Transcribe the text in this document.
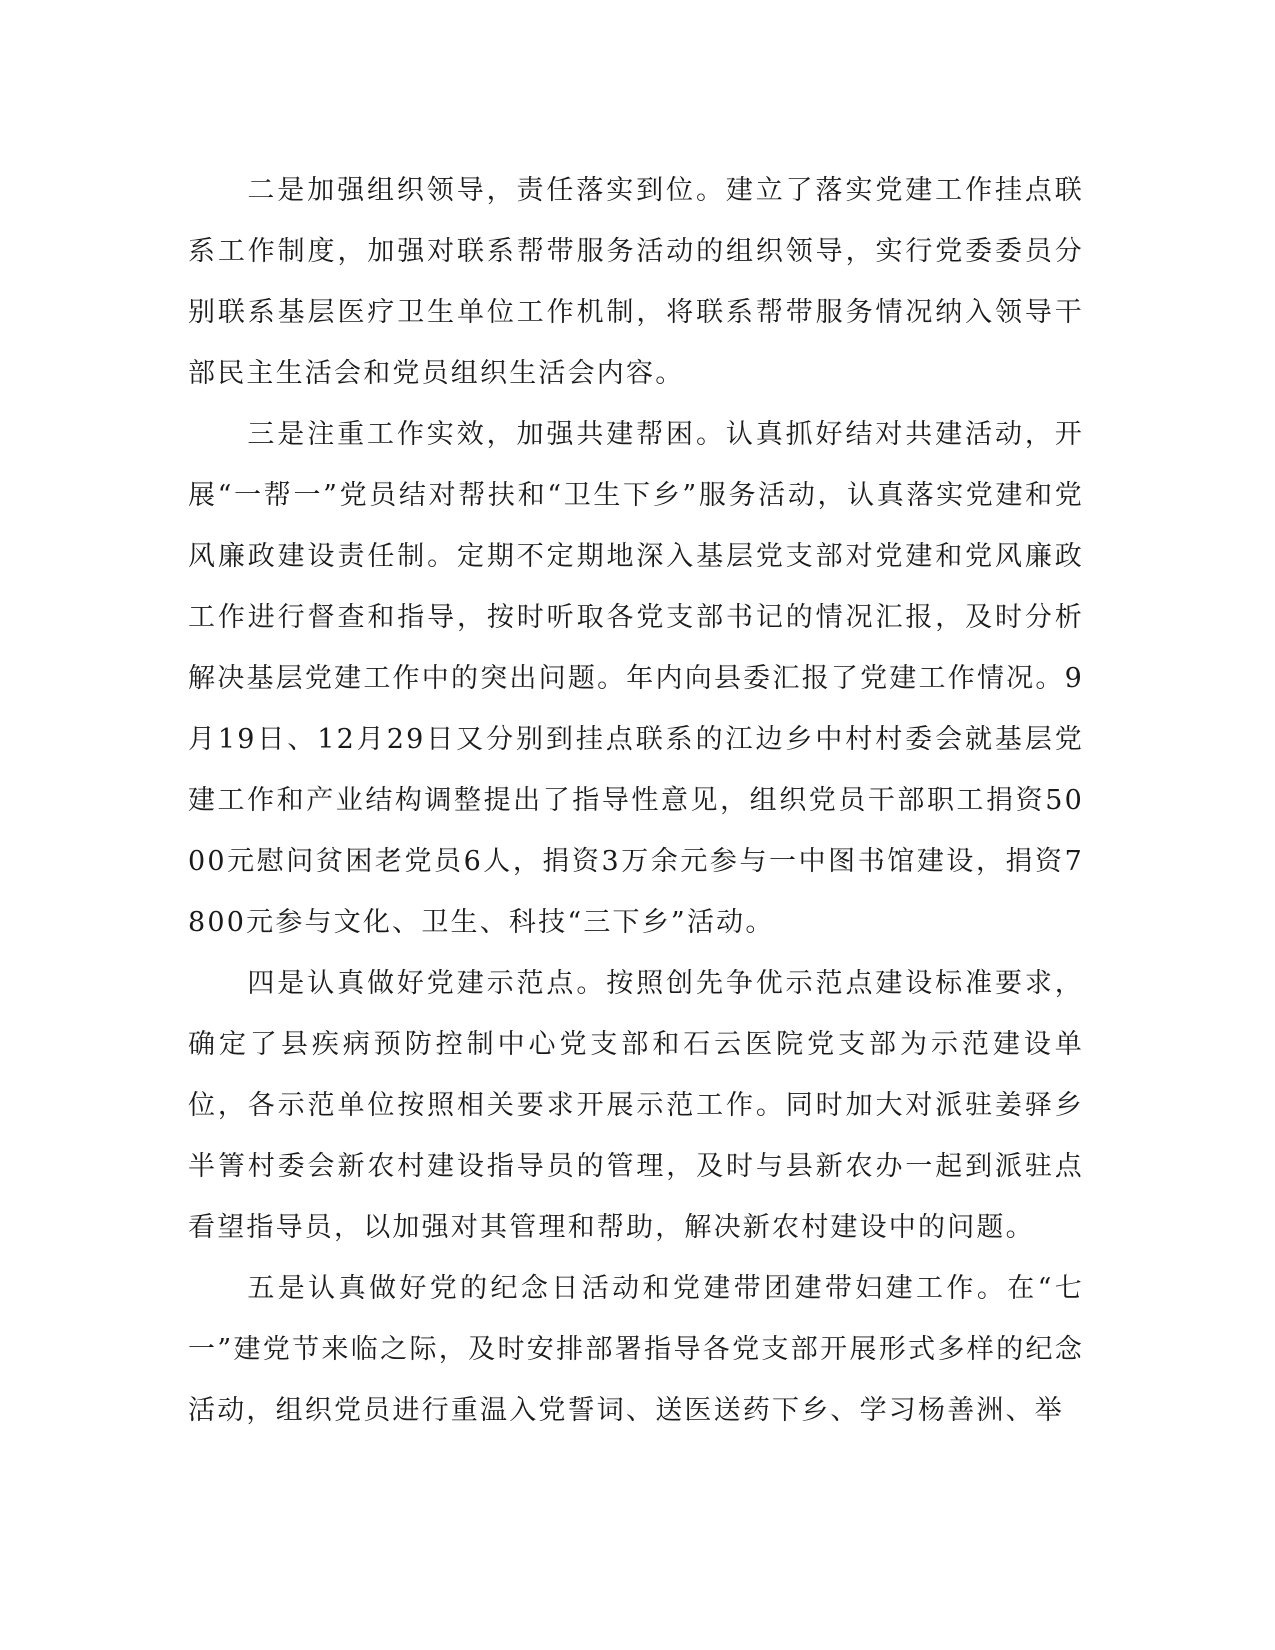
二是加强组织领导，责任落实到位。建立了落实党建工作挂点联系工作制度，加强对联系帮带服务活动的组织领导，实行党委委员分别联系基层医疗卫生单位工作机制，将联系帮带服务情况纳入领导干部民主生活会和党员组织生活会内容。

三是注重工作实效，加强共建帮困。认真抓好结对共建活动，开展“一帮一”党员结对帮扶和“卫生下乡”服务活动，认真落实党建和党风廉政建设责任制。定期不定期地深入基层党支部对党建和党风廉政工作进行督查和指导，按时听取各党支部书记的情况汇报，及时分析解决基层党建工作中的突出问题。年内向县委汇报了党建工作情况。9月19日、12月29日又分别到挂点联系的江边乡中村村委会就基层党建工作和产业结构调整提出了指导性意见，组织党员干部职工捐资5000元慰问贫困老党员6人，捐资3万余元参与一中图书馆建设，捐资7800元参与文化、卫生、科技“三下乡”活动。

四是认真做好党建示范点。按照创先争优示范点建设标准要求，确定了县疾病预防控制中心党支部和石云医院党支部为示范建设单位，各示范单位按照相关要求开展示范工作。同时加大对派驻姜驿乡半箐村委会新农村建设指导员的管理，及时与县新农办一起到派驻点看望指导员，以加强对其管理和帮助，解决新农村建设中的问题。

五是认真做好党的纪念日活动和党建带团建带妇建工作。在“七一”建党节来临之际，及时安排部署指导各党支部开展形式多样的纪念活动，组织党员进行重温入党誓词、送医送药下乡、学习杨善洲、举
